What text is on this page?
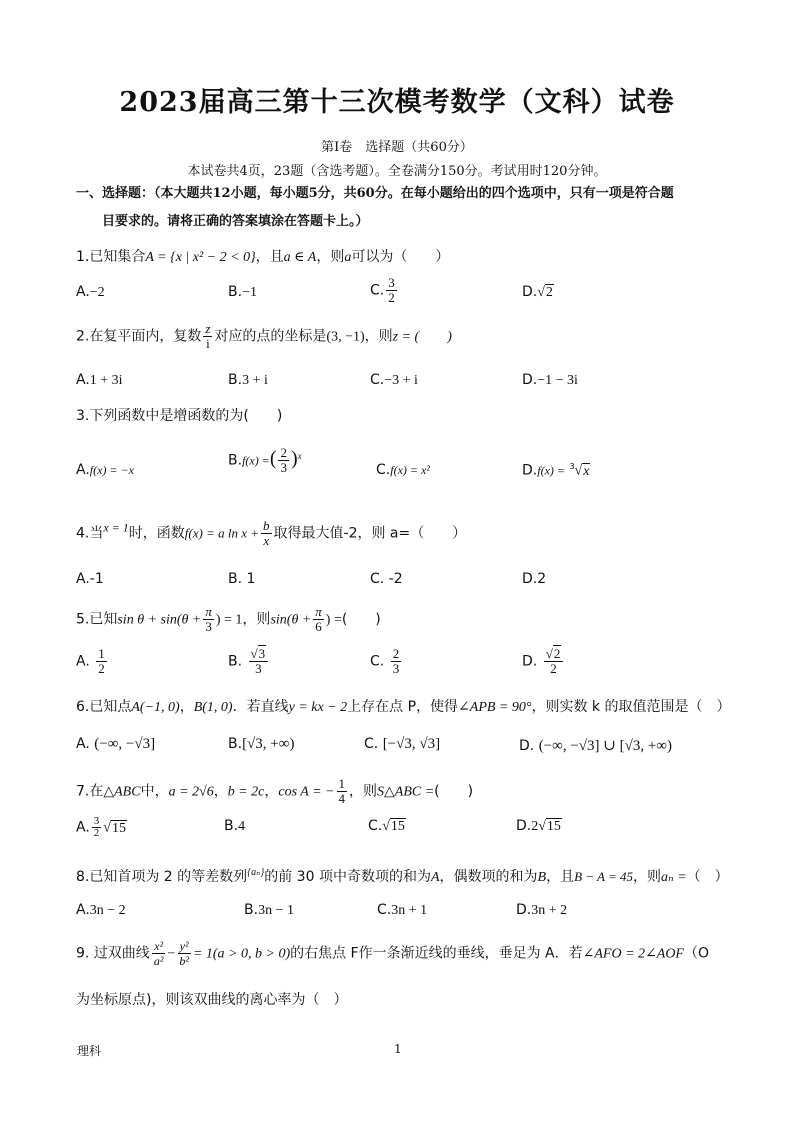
2023届高三第十三次模考数学（文科）试卷
第Ⅰ卷　选择题（共60分）
本试卷共4页，23题（含选考题）。全卷满分150分。考试用时120分钟。
一、选择题：（本大题共12小题，每小题5分，共60分。在每小题给出的四个选项中，只有一项是符合题
目要求的。请将正确的答案填涂在答题卡上。）
1.已知集合A = {x | x² − 2 < 0}，且a ∈ A，则a可以为（　　）
A.−2	B.−1	C. $\frac{3}{2}$	D.√2
2.在复平面内，复数 $\frac{z}{i}$ 对应的点的坐标是(3, −1)，则z = (　　)
A.1 + 3i	B.3 + i	C.−3 + i	D.−1 − 3i
3.下列函数中是增函数的为(　　)
A.f(x) = −x
B.f(x) =( $\frac{2}{3} )^x$
C.f(x) = x²	D.f(x) = $^3$√x
4.当x = 1时，函数f(x) = a $\ln x + \frac{b}{x}$ 取得最大值-2，则 a=（　　）
A.-1	B. 1	C. -2	D.2
5.已知$\sin \theta + \sin(\theta + \frac{\pi}{3}$ ) = 1，则$\sin(\theta + \frac{\pi}{6}$ ) =(　　)
A. $\frac{1}{2}$	B. $\frac{√3}{3}$	C. $\frac{2}{3}$	D. $\frac{√2}{2}$
6.已知点A(−1, 0)，B(1, 0)．若直线y = kx − 2上存在点 P，使得∠APB = 90°，则实数 k 的取值范围是（　）
A. (−∞, −√3]	B.[√3, +∞)	C. [−√3, √3]	D. (−∞, −√3] ∪ [√3, +∞)
7.在△ABC中，a = 2√6，b = 2c，cos A = − $\frac{1}{4}$ ，则S△ABC =(　　)
A. $\frac{3}{2} √15$	B.4	C.√15	D.2√15
8.已知首项为 2 的等差数列$^{\{a_n\}}$的前 30 项中奇数项的和为A，偶数项的和为B，且B − A = 45，则aₙ =（　）
A.3n − 2	B.3n − 1	C.3n + 1	D.3n + 2
9. 过双曲线 $\frac{\text{x²}}{\text{a²}} - \frac{\text{y²}}{\text{b²}} = 1(a > 0$, b > 0)的右焦点 F作一条渐近线的垂线，垂足为 A．若∠AFO = 2∠AOF（O
为坐标原点)，则该双曲线的离心率为（　）
理科	1
